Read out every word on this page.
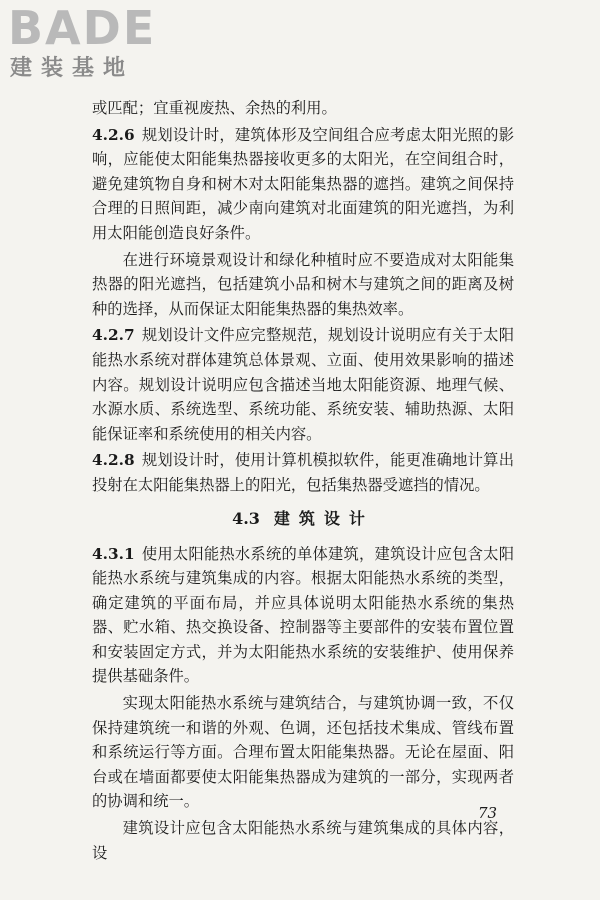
BADE
建装基地

或匹配；宜重视废热、余热的利用。

4.2.6 规划设计时，建筑体形及空间组合应考虑太阳光照的影响，应能使太阳能集热器接收更多的太阳光，在空间组合时，避免建筑物自身和树木对太阳能集热器的遮挡。建筑之间保持合理的日照间距，减少南向建筑对北面建筑的阳光遮挡，为利用太阳能创造良好条件。

在进行环境景观设计和绿化种植时应不要造成对太阳能集热器的阳光遮挡，包括建筑小品和树木与建筑之间的距离及树种的选择，从而保证太阳能集热器的集热效率。

4.2.7 规划设计文件应完整规范，规划设计说明应有关于太阳能热水系统对群体建筑总体景观、立面、使用效果影响的描述内容。规划设计说明应包含描述当地太阳能资源、地理气候、水源水质、系统选型、系统功能、系统安装、辅助热源、太阳能保证率和系统使用的相关内容。

4.2.8 规划设计时，使用计算机模拟软件，能更准确地计算出投射在太阳能集热器上的阳光，包括集热器受遮挡的情况。

4.3 建筑设计

4.3.1 使用太阳能热水系统的单体建筑，建筑设计应包含太阳能热水系统与建筑集成的内容。根据太阳能热水系统的类型，确定建筑的平面布局，并应具体说明太阳能热水系统的集热器、贮水箱、热交换设备、控制器等主要部件的安装布置位置和安装固定方式，并为太阳能热水系统的安装维护、使用保养提供基础条件。

实现太阳能热水系统与建筑结合，与建筑协调一致，不仅保持建筑统一和谐的外观、色调，还包括技术集成、管线布置和系统运行等方面。合理布置太阳能集热器。无论在屋面、阳台或在墙面都要使太阳能集热器成为建筑的一部分，实现两者的协调和统一。

建筑设计应包含太阳能热水系统与建筑集成的具体内容，设

73
